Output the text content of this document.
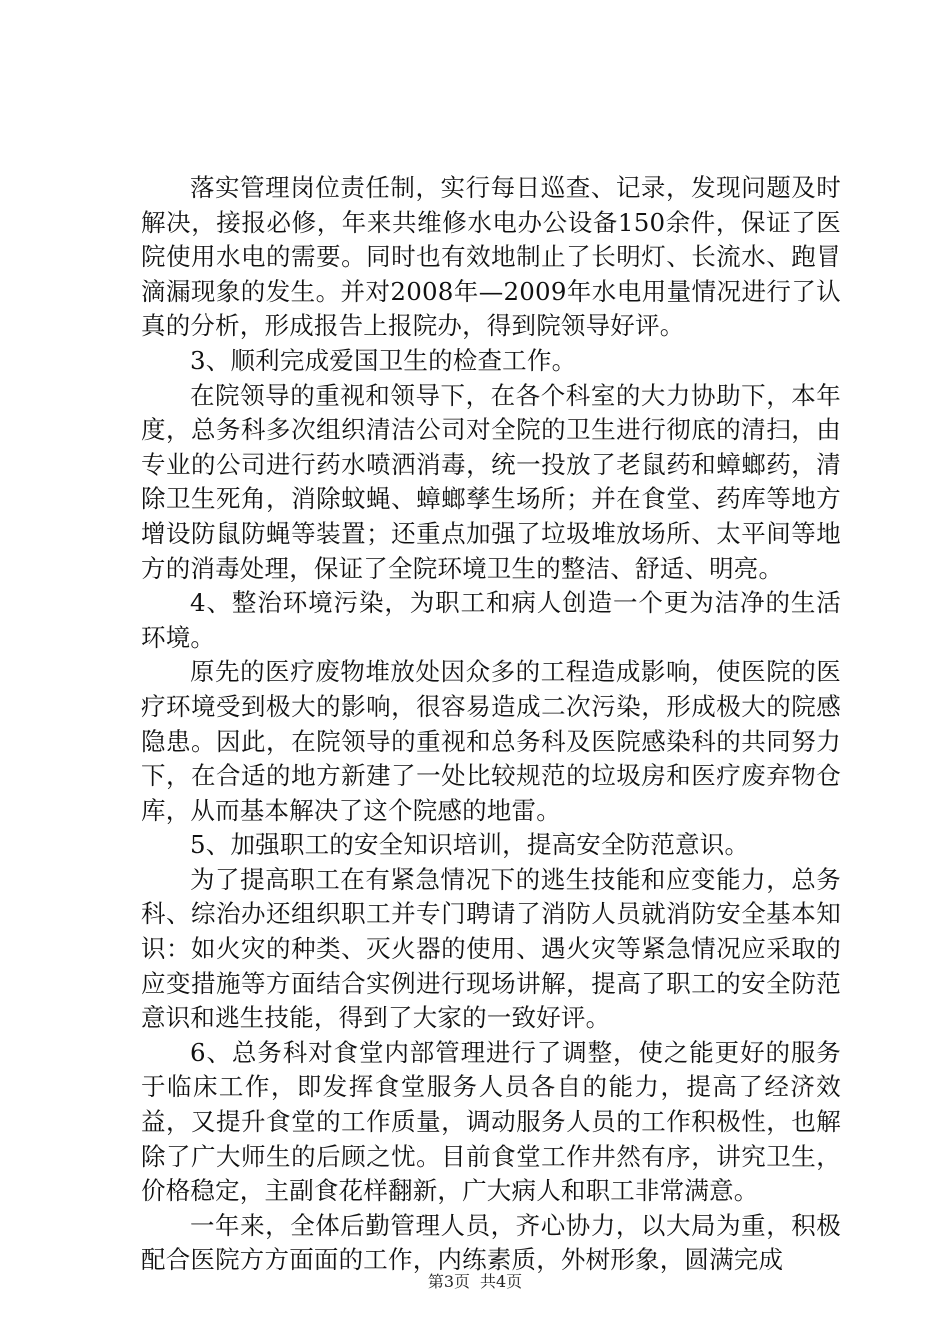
落实管理岗位责任制，实行每日巡查、记录，发现问题及时解决，接报必修，年来共维修水电办公设备150余件，保证了医院使用水电的需要。同时也有效地制止了长明灯、长流水、跑冒滴漏现象的发生。并对2008年—2009年水电用量情况进行了认真的分析，形成报告上报院办，得到院领导好评。

3、顺利完成爱国卫生的检查工作。

在院领导的重视和领导下，在各个科室的大力协助下，本年度，总务科多次组织清洁公司对全院的卫生进行彻底的清扫，由专业的公司进行药水喷洒消毒，统一投放了老鼠药和蟑螂药，清除卫生死角，消除蚊蝇、蟑螂孳生场所；并在食堂、药库等地方增设防鼠防蝇等装置；还重点加强了垃圾堆放场所、太平间等地方的消毒处理，保证了全院环境卫生的整洁、舒适、明亮。

4、整治环境污染，为职工和病人创造一个更为洁净的生活环境。

原先的医疗废物堆放处因众多的工程造成影响，使医院的医疗环境受到极大的影响，很容易造成二次污染，形成极大的院感隐患。因此，在院领导的重视和总务科及医院感染科的共同努力下，在合适的地方新建了一处比较规范的垃圾房和医疗废弃物仓库，从而基本解决了这个院感的地雷。

5、加强职工的安全知识培训，提高安全防范意识。

为了提高职工在有紧急情况下的逃生技能和应变能力，总务科、综治办还组织职工并专门聘请了消防人员就消防安全基本知识：如火灾的种类、灭火器的使用、遇火灾等紧急情况应采取的应变措施等方面结合实例进行现场讲解，提高了职工的安全防范意识和逃生技能，得到了大家的一致好评。

6、总务科对食堂内部管理进行了调整，使之能更好的服务于临床工作，即发挥食堂服务人员各自的能力，提高了经济效益，又提升食堂的工作质量，调动服务人员的工作积极性，也解除了广大师生的后顾之忧。目前食堂工作井然有序，讲究卫生，价格稳定，主副食花样翻新，广大病人和职工非常满意。

一年来，全体后勤管理人员，齐心协力，以大局为重，积极配合医院方方面面的工作，内练素质，外树形象，圆满完成

第3页 共4页
